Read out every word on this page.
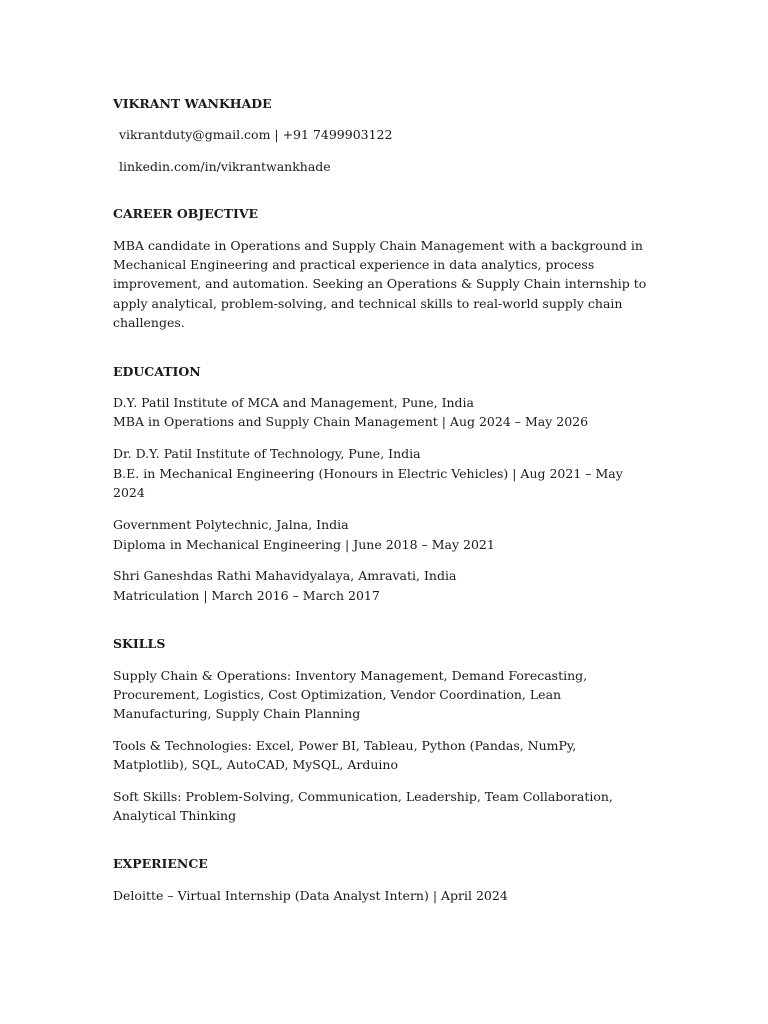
VIKRANT WANKHADE
vikrantduty@gmail.com | +91 7499903122
linkedin.com/in/vikrantwankhade
CAREER OBJECTIVE
MBA candidate in Operations and Supply Chain Management with a background in Mechanical Engineering and practical experience in data analytics, process improvement, and automation. Seeking an Operations & Supply Chain internship to apply analytical, problem-solving, and technical skills to real-world supply chain challenges.
EDUCATION
D.Y. Patil Institute of MCA and Management, Pune, India
MBA in Operations and Supply Chain Management | Aug 2024 – May 2026
Dr. D.Y. Patil Institute of Technology, Pune, India
B.E. in Mechanical Engineering (Honours in Electric Vehicles) | Aug 2021 – May 2024
Government Polytechnic, Jalna, India
Diploma in Mechanical Engineering | June 2018 – May 2021
Shri Ganeshdas Rathi Mahavidyalaya, Amravati, India
Matriculation | March 2016 – March 2017
SKILLS
Supply Chain & Operations: Inventory Management, Demand Forecasting, Procurement, Logistics, Cost Optimization, Vendor Coordination, Lean Manufacturing, Supply Chain Planning
Tools & Technologies: Excel, Power BI, Tableau, Python (Pandas, NumPy, Matplotlib), SQL, AutoCAD, MySQL, Arduino
Soft Skills: Problem-Solving, Communication, Leadership, Team Collaboration, Analytical Thinking
EXPERIENCE
Deloitte – Virtual Internship (Data Analyst Intern) | April 2024
